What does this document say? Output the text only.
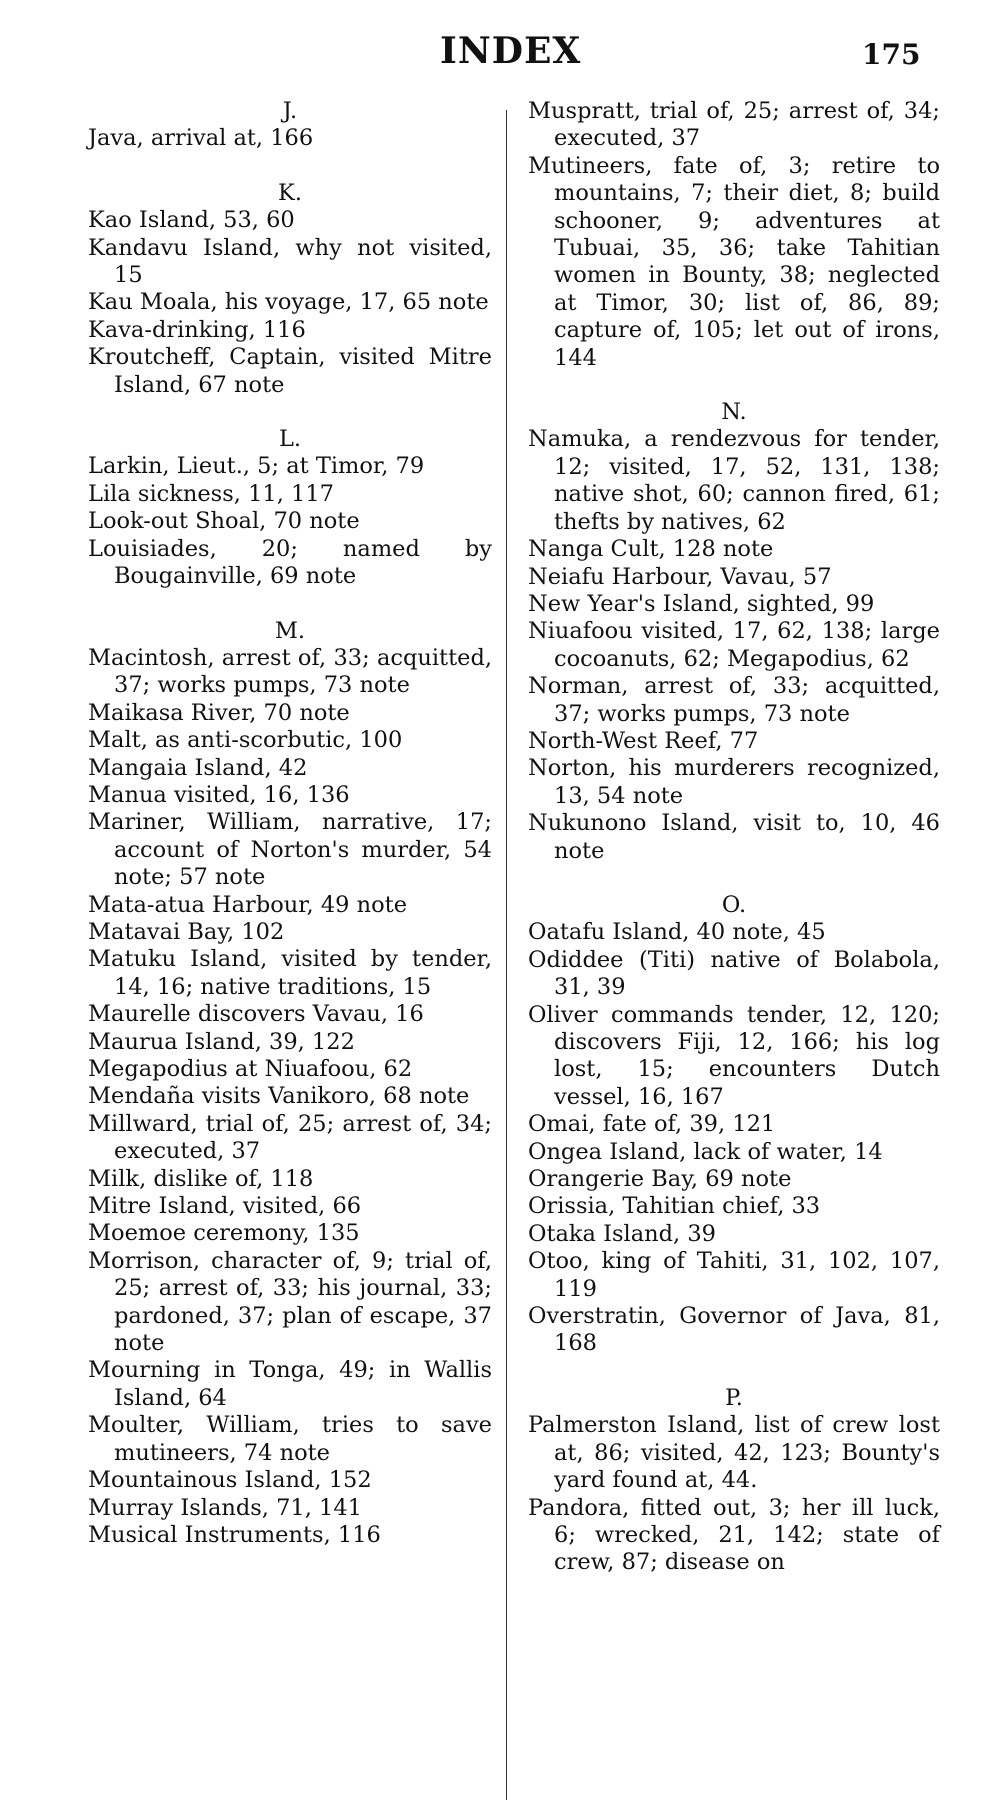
INDEX	175
J.
Java, arrival at, 166
K.
Kao Island, 53, 60
Kandavu Island, why not visited, 15
Kau Moala, his voyage, 17, 65 note
Kava-drinking, 116
Kroutcheff, Captain, visited Mitre Island, 67 note
L.
Larkin, Lieut., 5; at Timor, 79
Lila sickness, 11, 117
Look-out Shoal, 70 note
Louisiades, 20; named by Bougainville, 69 note
M.
Macintosh, arrest of, 33; acquitted, 37; works pumps, 73 note
Maikasa River, 70 note
Malt, as anti-scorbutic, 100
Mangaia Island, 42
Manua visited, 16, 136
Mariner, William, narrative, 17; account of Norton's murder, 54 note; 57 note
Mata-atua Harbour, 49 note
Matavai Bay, 102
Matuku Island, visited by tender, 14, 16; native traditions, 15
Maurelle discovers Vavau, 16
Maurua Island, 39, 122
Megapodius at Niuafoou, 62
Mendaña visits Vanikoro, 68 note
Millward, trial of, 25; arrest of, 34; executed, 37
Milk, dislike of, 118
Mitre Island, visited, 66
Moemoe ceremony, 135
Morrison, character of, 9; trial of, 25; arrest of, 33; his journal, 33; pardoned, 37; plan of escape, 37 note
Mourning in Tonga, 49; in Wallis Island, 64
Moulter, William, tries to save mutineers, 74 note
Mountainous Island, 152
Murray Islands, 71, 141
Musical Instruments, 116
Muspratt, trial of, 25; arrest of, 34; executed, 37
Mutineers, fate of, 3; retire to mountains, 7; their diet, 8; build schooner, 9; adventures at Tubuai, 35, 36; take Tahitian women in Bounty, 38; neglected at Timor, 30; list of, 86, 89; capture of, 105; let out of irons, 144
N.
Namuka, a rendezvous for tender, 12; visited, 17, 52, 131, 138; native shot, 60; cannon fired, 61; thefts by natives, 62
Nanga Cult, 128 note
Neiafu Harbour, Vavau, 57
New Year's Island, sighted, 99
Niuafoou visited, 17, 62, 138; large cocoanuts, 62; Megapodius, 62
Norman, arrest of, 33; acquitted, 37; works pumps, 73 note
North-West Reef, 77
Norton, his murderers recognized, 13, 54 note
Nukunono Island, visit to, 10, 46 note
O.
Oatafu Island, 40 note, 45
Odiddee (Titi) native of Bolabola, 31, 39
Oliver commands tender, 12, 120; discovers Fiji, 12, 166; his log lost, 15; encounters Dutch vessel, 16, 167
Omai, fate of, 39, 121
Ongea Island, lack of water, 14
Orangerie Bay, 69 note
Orissia, Tahitian chief, 33
Otaka Island, 39
Otoo, king of Tahiti, 31, 102, 107, 119
Overstratin, Governor of Java, 81, 168
P.
Palmerston Island, list of crew lost at, 86; visited, 42, 123; Bounty's yard found at, 44.
Pandora, fitted out, 3; her ill luck, 6; wrecked, 21, 142; state of crew, 87; disease on
